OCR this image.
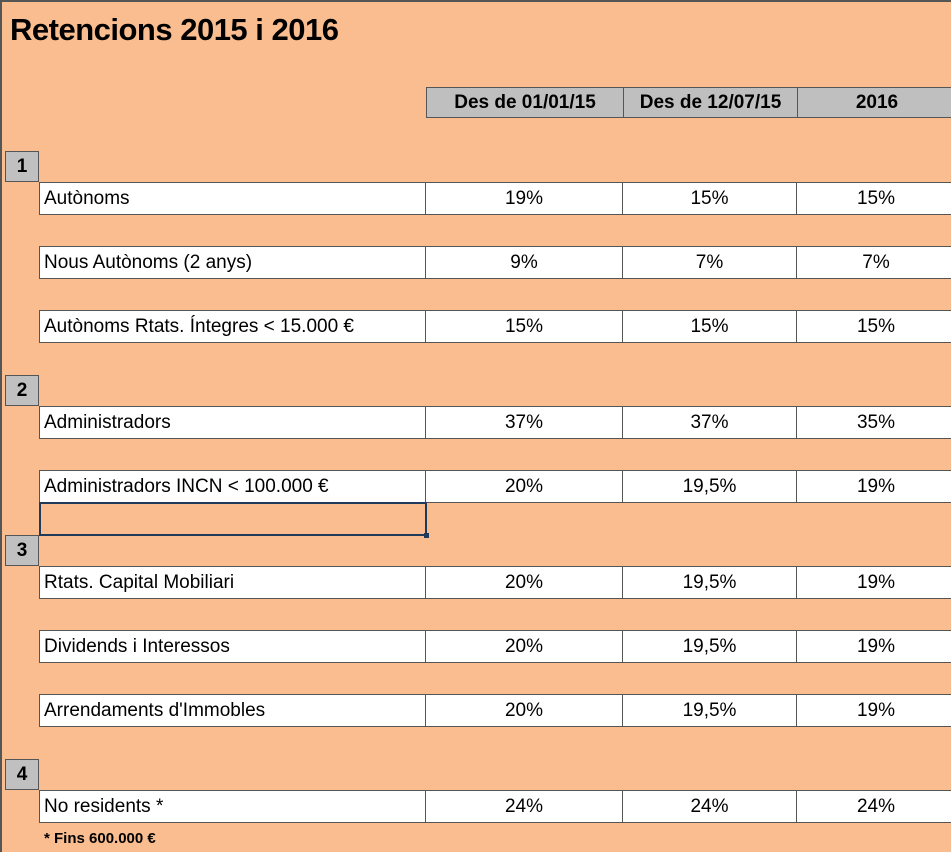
Retencions 2015 i 2016
Des de 01/01/15	Des de 12/07/15	2016
1
Autònoms	19%	15%	15%
Nous Autònoms (2 anys)	9%	7%	7%
Autònoms Rtats. Íntegres < 15.000 €	15%	15%	15%
2
Administradors	37%	37%	35%
Administradors INCN < 100.000 €	20%	19,5%	19%
3
Rtats. Capital Mobiliari	20%	19,5%	19%
Dividends i Interessos	20%	19,5%	19%
Arrendaments d'Immobles	20%	19,5%	19%
4
No residents *	24%	24%	24%
* Fins 600.000 €
